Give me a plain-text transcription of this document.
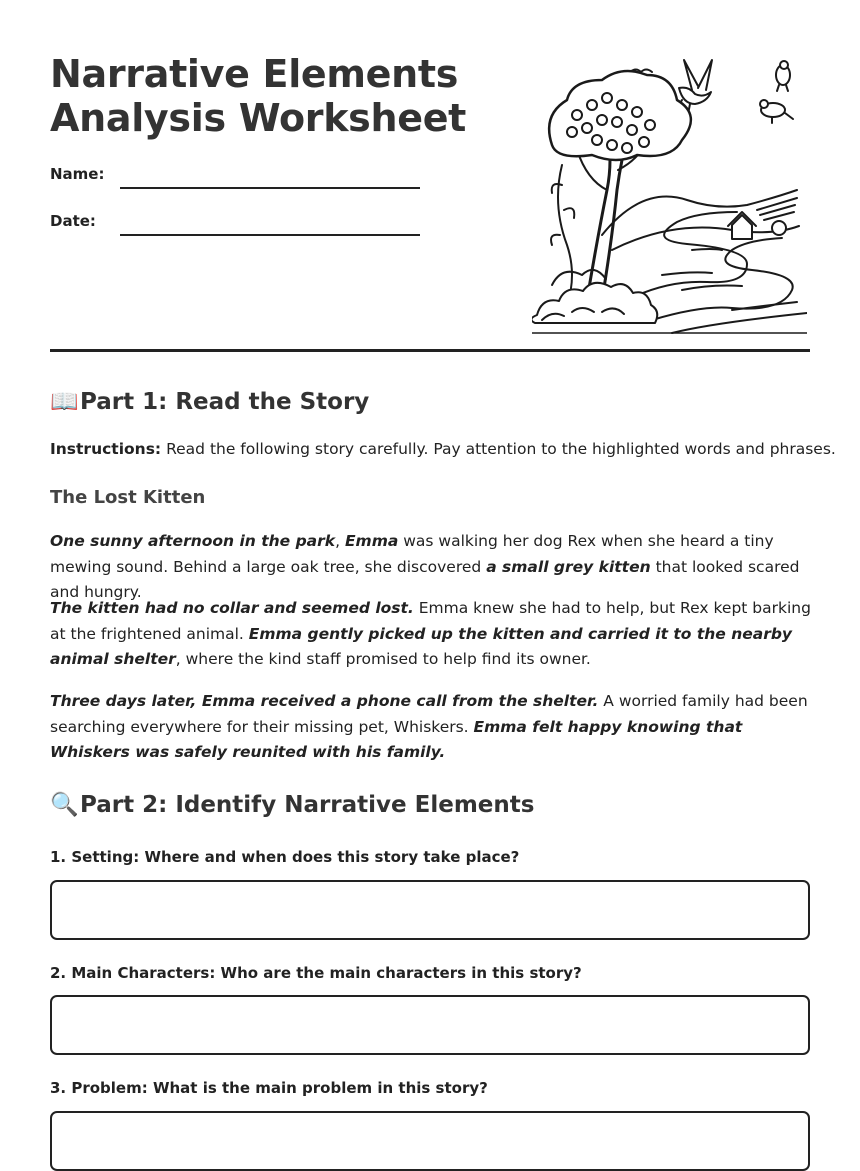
Narrative Elements
Analysis Worksheet
Name:
Date:
📖Part 1: Read the Story
Instructions: Read the following story carefully. Pay attention to the highlighted words and phrases.
The Lost Kitten

One sunny afternoon in the park, Emma was walking her dog Rex when she heard a tiny mewing sound. Behind a large oak tree, she discovered a small grey kitten that looked scared and hungry.

The kitten had no collar and seemed lost. Emma knew she had to help, but Rex kept barking at the frightened animal. Emma gently picked up the kitten and carried it to the nearby animal shelter, where the kind staff promised to help find its owner.

Three days later, Emma received a phone call from the shelter. A worried family had been searching everywhere for their missing pet, Whiskers. Emma felt happy knowing that Whiskers was safely reunited with his family.

🔍Part 2: Identify Narrative Elements
1. Setting: Where and when does this story take place?
2. Main Characters: Who are the main characters in this story?
3. Problem: What is the main problem in this story?
